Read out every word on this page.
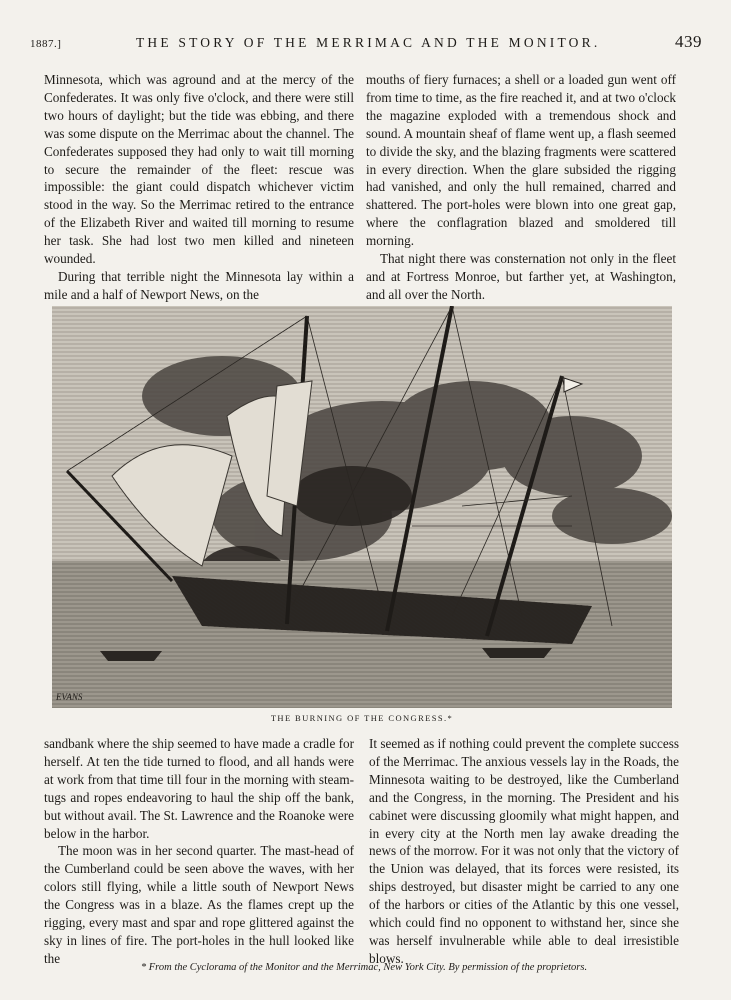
1887.]	THE STORY OF THE MERRIMAC AND THE MONITOR.	439

Minnesota, which was aground and at the mercy of the Confederates. It was only five o'clock, and there were still two hours of daylight; but the tide was ebbing, and there was some dispute on the Merrimac about the channel. The Confederates supposed they had only to wait till morning to secure the remainder of the fleet: rescue was impossible: the giant could dispatch whichever victim stood in the way. So the Merrimac retired to the entrance of the Elizabeth River and waited till morning to resume her task. She had lost two men killed and nineteen wounded.

During that terrible night the Minnesota lay within a mile and a half of Newport News, on the

mouths of fiery furnaces; a shell or a loaded gun went off from time to time, as the fire reached it, and at two o'clock the magazine exploded with a tremendous shock and sound. A mountain sheaf of flame went up, a flash seemed to divide the sky, and the blazing fragments were scattered in every direction. When the glare subsided the rigging had vanished, and only the hull remained, charred and shattered. The port-holes were blown into one great gap, where the conflagration blazed and smoldered till morning.

That night there was consternation not only in the fleet and at Fortress Monroe, but farther yet, at Washington, and all over the North.

EVANS
THE BURNING OF THE CONGRESS.*

sandbank where the ship seemed to have made a cradle for herself. At ten the tide turned to flood, and all hands were at work from that time till four in the morning with steam-tugs and ropes endeavoring to haul the ship off the bank, but without avail. The St. Lawrence and the Roanoke were below in the harbor.

The moon was in her second quarter. The mast-head of the Cumberland could be seen above the waves, with her colors still flying, while a little south of Newport News the Congress was in a blaze. As the flames crept up the rigging, every mast and spar and rope glittered against the sky in lines of fire. The port-holes in the hull looked like the

It seemed as if nothing could prevent the complete success of the Merrimac. The anxious vessels lay in the Roads, the Minnesota waiting to be destroyed, like the Cumberland and the Congress, in the morning. The President and his cabinet were discussing gloomily what might happen, and in every city at the North men lay awake dreading the news of the morrow. For it was not only that the victory of the Union was delayed, that its forces were resisted, its ships destroyed, but disaster might be carried to any one of the harbors or cities of the Atlantic by this one vessel, which could find no opponent to withstand her, since she was herself invulnerable while able to deal irresistible blows.

* From the Cyclorama of the Monitor and the Merrimac, New York City. By permission of the proprietors.
